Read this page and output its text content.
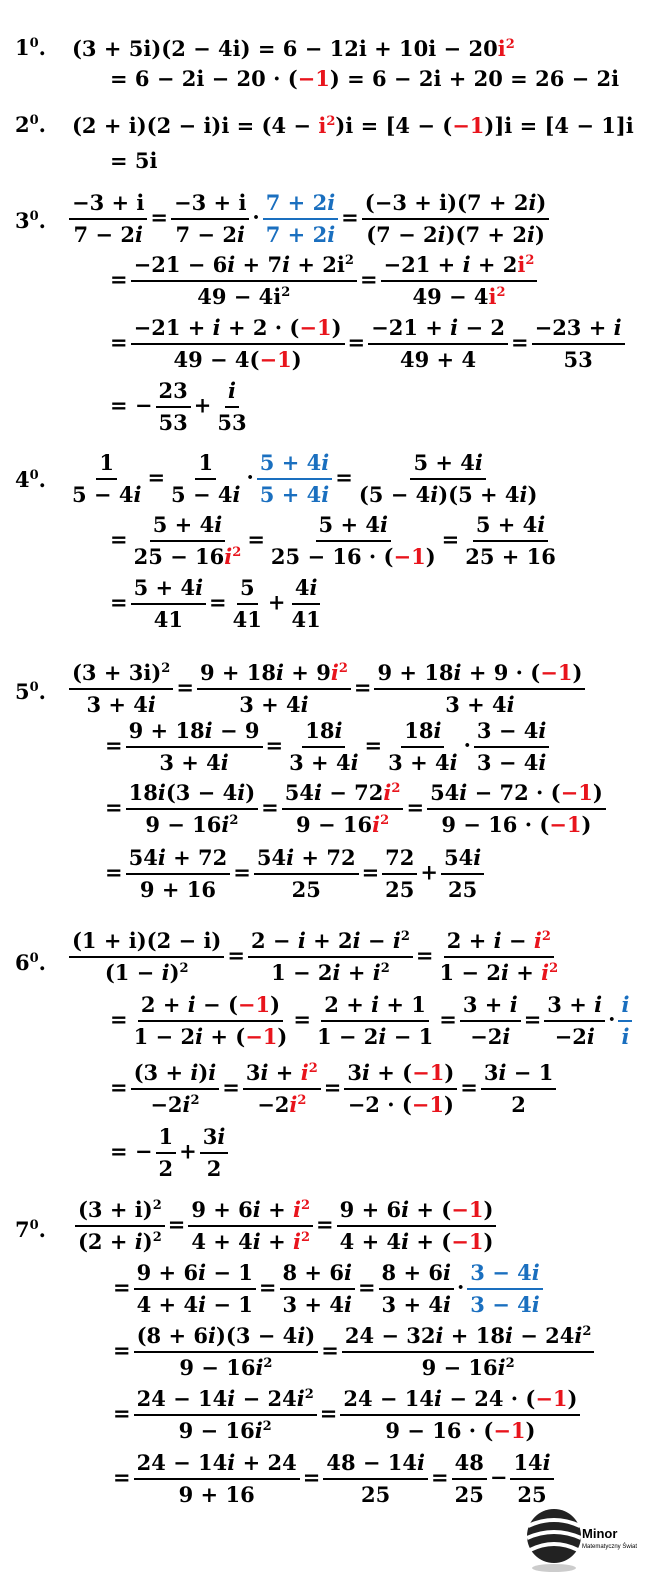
$1^0$.
$2^0$.
$3^0$.
$4^0$.
$5^0$.
$6^0$.
$7^0$.
$(3 + 5i)(2 - 4i) = 6 - 12i + 10i - 20i^2$
= 6 − 2i − 20 · (−1) = 6 − 2i + 20 = 26 − 2i
$(2 + i)(2 - i)i = (4 - i^2)i = [4 - (-1)]i = [4 - 1]i$
= 5i
$\frac{-3 + i}{7 - 2i} = \frac{-3 + i}{7 - 2i} \cdot \frac{7 + 2i}{7 + 2i} = \frac{(-3 + i)(7 + 2i)}{(7 - 2i)(7 + 2i)}$
= $\frac{-21 - 6i + 7i + 2i^2}{49 - 4i^2} = \frac{-21 + i + 2i^2}{49 - 4i^2}$
= $\frac{-21 + i + 2 \cdot (-1)}{49 - 4(-1)} = \frac{-21 + i - 2}{49 + 4} = \frac{-23 + i}{53}$
= − $\frac{23}{53} + \frac{i}{53}$
$\frac{1}{5 - 4i} = \frac{1}{5 - 4i} \cdot \frac{5 + 4i}{5 + 4i} = \frac{5 + 4i}{(5 - 4i)(5 + 4i)}$
= $\frac{5 + 4i}{25 - 16i^2} = \frac{5 + 4i}{25 - 16 \cdot (-1)} = \frac{5 + 4i}{25 + 16}$
= $\frac{5 + 4i}{41} = \frac{5}{41} + \frac{4i}{41}$
$\frac{(3 + 3i)^2}{3 + 4i} = \frac{9 + 18i + 9i^2}{3 + 4i} = \frac{9 + 18i + 9 \cdot (-1)}{3 + 4i}$
= $\frac{9 + 18i - 9}{3 + 4i} = \frac{18i}{3 + 4i} = \frac{18i}{3 + 4i} \cdot \frac{3 - 4i}{3 - 4i}$
= $\frac{18i(3 - 4i)}{9 - 16i^2} = \frac{54i - 72i^2}{9 - 16i^2} = \frac{54i - 72 \cdot (-1)}{9 - 16 \cdot (-1)}$
= $\frac{54i + 72}{9 + 16} = \frac{54i + 72}{25} = \frac{72}{25} + \frac{54i}{25}$
$\frac{(1 + i)(2 - i)}{(1 - i)^2} = \frac{2 - i + 2i - i^2}{1 - 2i + i^2} = \frac{2 + i - i^2}{1 - 2i + i^2}$
= $\frac{2 + i - (-1)}{1 - 2i + (-1)} = \frac{2 + i + 1}{1 - 2i - 1} = \frac{3 + i}{-2i} = \frac{3 + i}{-2i} \cdot \frac{i}{i}$
= $\frac{(3 + i)i}{-2i^2} = \frac{3i + i^2}{-2i^2} = \frac{3i + (-1)}{-2 \cdot (-1)} = \frac{3i - 1}{2}$
= − $\frac{1}{2} + \frac{3i}{2}$
$\frac{(3 + i)^2}{(2 + i)^2} = \frac{9 + 6i + i^2}{4 + 4i + i^2} = \frac{9 + 6i + (-1)}{4 + 4i + (-1)}$
= $\frac{9 + 6i - 1}{4 + 4i - 1} = \frac{8 + 6i}{3 + 4i} = \frac{8 + 6i}{3 + 4i} \cdot \frac{3 - 4i}{3 - 4i}$
= $\frac{(8 + 6i)(3 - 4i)}{9 - 16i^2} = \frac{24 - 32i + 18i - 24i^2}{9 - 16i^2}$
= $\frac{24 - 14i - 24i^2}{9 - 16i^2} = \frac{24 - 14i - 24 \cdot (-1)}{9 - 16 \cdot (-1)}$
= $\frac{24 - 14i + 24}{9 + 16} = \frac{48 - 14i}{25} = \frac{48}{25} - \frac{14i}{25}$
Minor
Matematyczny Świat
